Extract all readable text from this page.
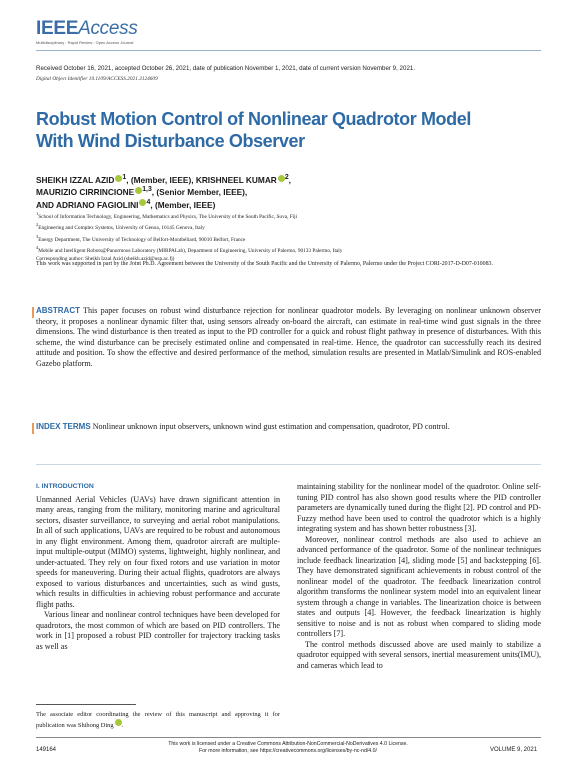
IEEEAccess
Multidisciplinary : Rapid Review : Open Access Journal
Received October 16, 2021, accepted October 26, 2021, date of publication November 1, 2021, date of current version November 9, 2021.
Digital Object Identifier 10.1109/ACCESS.2021.3124609
Robust Motion Control of Nonlinear Quadrotor Model With Wind Disturbance Observer
SHEIKH IZZAL AZID $^1$, (Member, IEEE), KRISHNEEL KUMAR $^2$,
MAURIZIO CIRRINCIONE $^{1,3}$, (Senior Member, IEEE),
AND ADRIANO FAGIOLINI $^4$, (Member, IEEE)
$^1$School of Information Technology, Engineering, Mathematics and Physics, The University of the South Pacific, Suva, Fiji
$^2$Engineering and Complex Systems, University of Genoa, 16145 Genova, Italy
$^3$Energy Department, The University of Technology of Belfort-Montbéliard, 90010 Belfort, France
$^4$Mobile and Intelligent Robots@Panormous Laboratory (MIRPALab), Department of Engineering, University of Palermo, 90133 Palermo, Italy
Corresponding author: Sheikh Izzal Azid (sheikh.azid@usp.ac.fj)
This work was supported in part by the Joint Ph.D. Agreement between the University of the South Pacific and the University of Palermo, Palermo under the Project CORI-2017-D-D07-010083.
ABSTRACT This paper focuses on robust wind disturbance rejection for nonlinear quadrotor models. By leveraging on nonlinear unknown observer theory, it proposes a nonlinear dynamic filter that, using sensors already on-board the aircraft, can estimate in real-time wind gust signals in the three dimensions. The wind disturbance is then treated as input to the PD controller for a quick and robust flight pathway in presence of disturbances. With this scheme, the wind disturbance can be precisely estimated online and compensated in real-time. Hence, the quadrotor can successfully reach its desired attitude and position. To show the effective and desired performance of the method, simulation results are presented in Matlab/Simulink and ROS-enabled Gazebo platform.
INDEX TERMS Nonlinear unknown input observers, unknown wind gust estimation and compensation, quadrotor, PD control.
I. INTRODUCTION

Unmanned Aerial Vehicles (UAVs) have drawn significant attention in many areas, ranging from the military, monitoring marine and agricultural sectors, disaster surveillance, to surveying and aerial robot manipulations. In all of such applications, UAVs are required to be robust and autonomous in any flight environment. Among them, quadrotor aircraft are multiple-input multiple-output (MIMO) systems, lightweight, highly nonlinear, and under-actuated. They rely on four fixed rotors and use variation in motor speeds for maneuvering. During their actual flights, quadrotors are always exposed to various disturbances and uncertainties, such as wind gusts, which results in difficulties in achieving robust performance and accurate flight paths.

Various linear and nonlinear control techniques have been developed for quadrotors, the most common of which are based on PID controllers. The work in [1] proposed a robust PID controller for trajectory tracking tasks as well as

maintaining stability for the nonlinear model of the quadrotor. Online self-tuning PID control has also shown good results where the PID controller parameters are dynamically tuned during the flight [2]. PD control and PD-Fuzzy method have been used to control the quadrotor which is a highly integrating system and has shown better robustness [3].

Moreover, nonlinear control methods are also used to achieve an advanced performance of the quadrotor. Some of the nonlinear techniques include feedback linearization [4], sliding mode [5] and backstepping [6]. They have demonstrated significant achievements in robust control of the nonlinear model of the quadrotor. The feedback linearization control algorithm transforms the nonlinear system model into an equivalent linear system through a change in variables. The linearization choice is between states and outputs [4]. However, the feedback linearization is highly sensitive to noise and is not as robust when compared to sliding mode controllers [7].

The control methods discussed above are used mainly to stabilize a quadrotor equipped with several sensors, inertial measurement units(IMU), and cameras which lead to

The associate editor coordinating the review of this manuscript and approving it for publication was Shihong Ding .
149164
This work is licensed under a Creative Commons Attribution-NonCommercial-NoDerivatives 4.0 License.
For more information, see https://creativecommons.org/licenses/by-nc-nd/4.0/	VOLUME 9, 2021
